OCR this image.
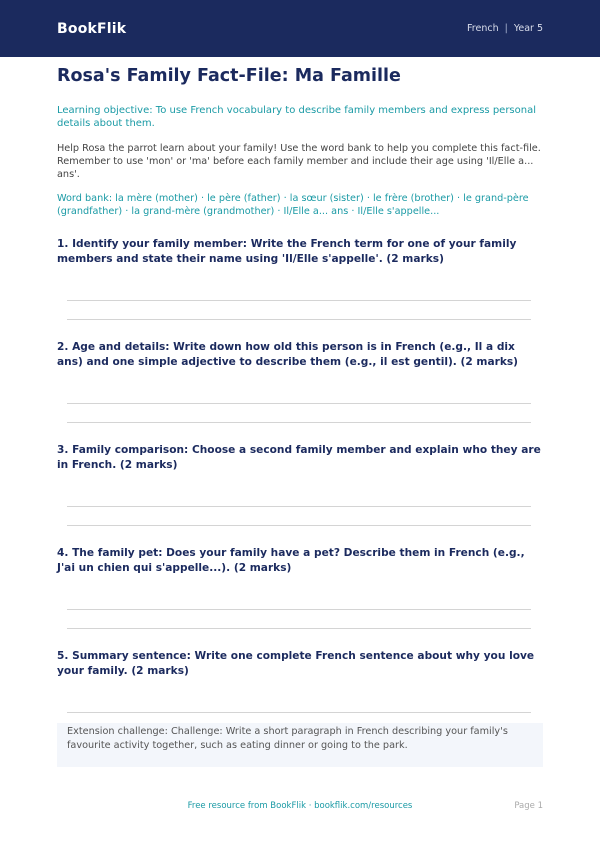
BookFlik	French | Year 5
Rosa's Family Fact-File: Ma Famille

Learning objective: To use French vocabulary to describe family members and express personal details about them.

Help Rosa the parrot learn about your family! Use the word bank to help you complete this fact-file. Remember to use 'mon' or 'ma' before each family member and include their age using 'Il/Elle a... ans'.

Word bank: la mère (mother) · le père (father) · la sœur (sister) · le frère (brother) · le grand-père (grandfather) · la grand-mère (grandmother) · Il/Elle a... ans · Il/Elle s'appelle...

1. Identify your family member: Write the French term for one of your family members and state their name using 'Il/Elle s'appelle'. (2 marks)

2. Age and details: Write down how old this person is in French (e.g., Il a dix ans) and one simple adjective to describe them (e.g., il est gentil). (2 marks)

3. Family comparison: Choose a second family member and explain who they are in French. (2 marks)

4. The family pet: Does your family have a pet? Describe them in French (e.g., J'ai un chien qui s'appelle...). (2 marks)

5. Summary sentence: Write one complete French sentence about why you love your family. (2 marks)

Extension challenge: Challenge: Write a short paragraph in French describing your family's favourite activity together, such as eating dinner or going to the park.
Free resource from BookFlik · bookflik.com/resources	Page 1
